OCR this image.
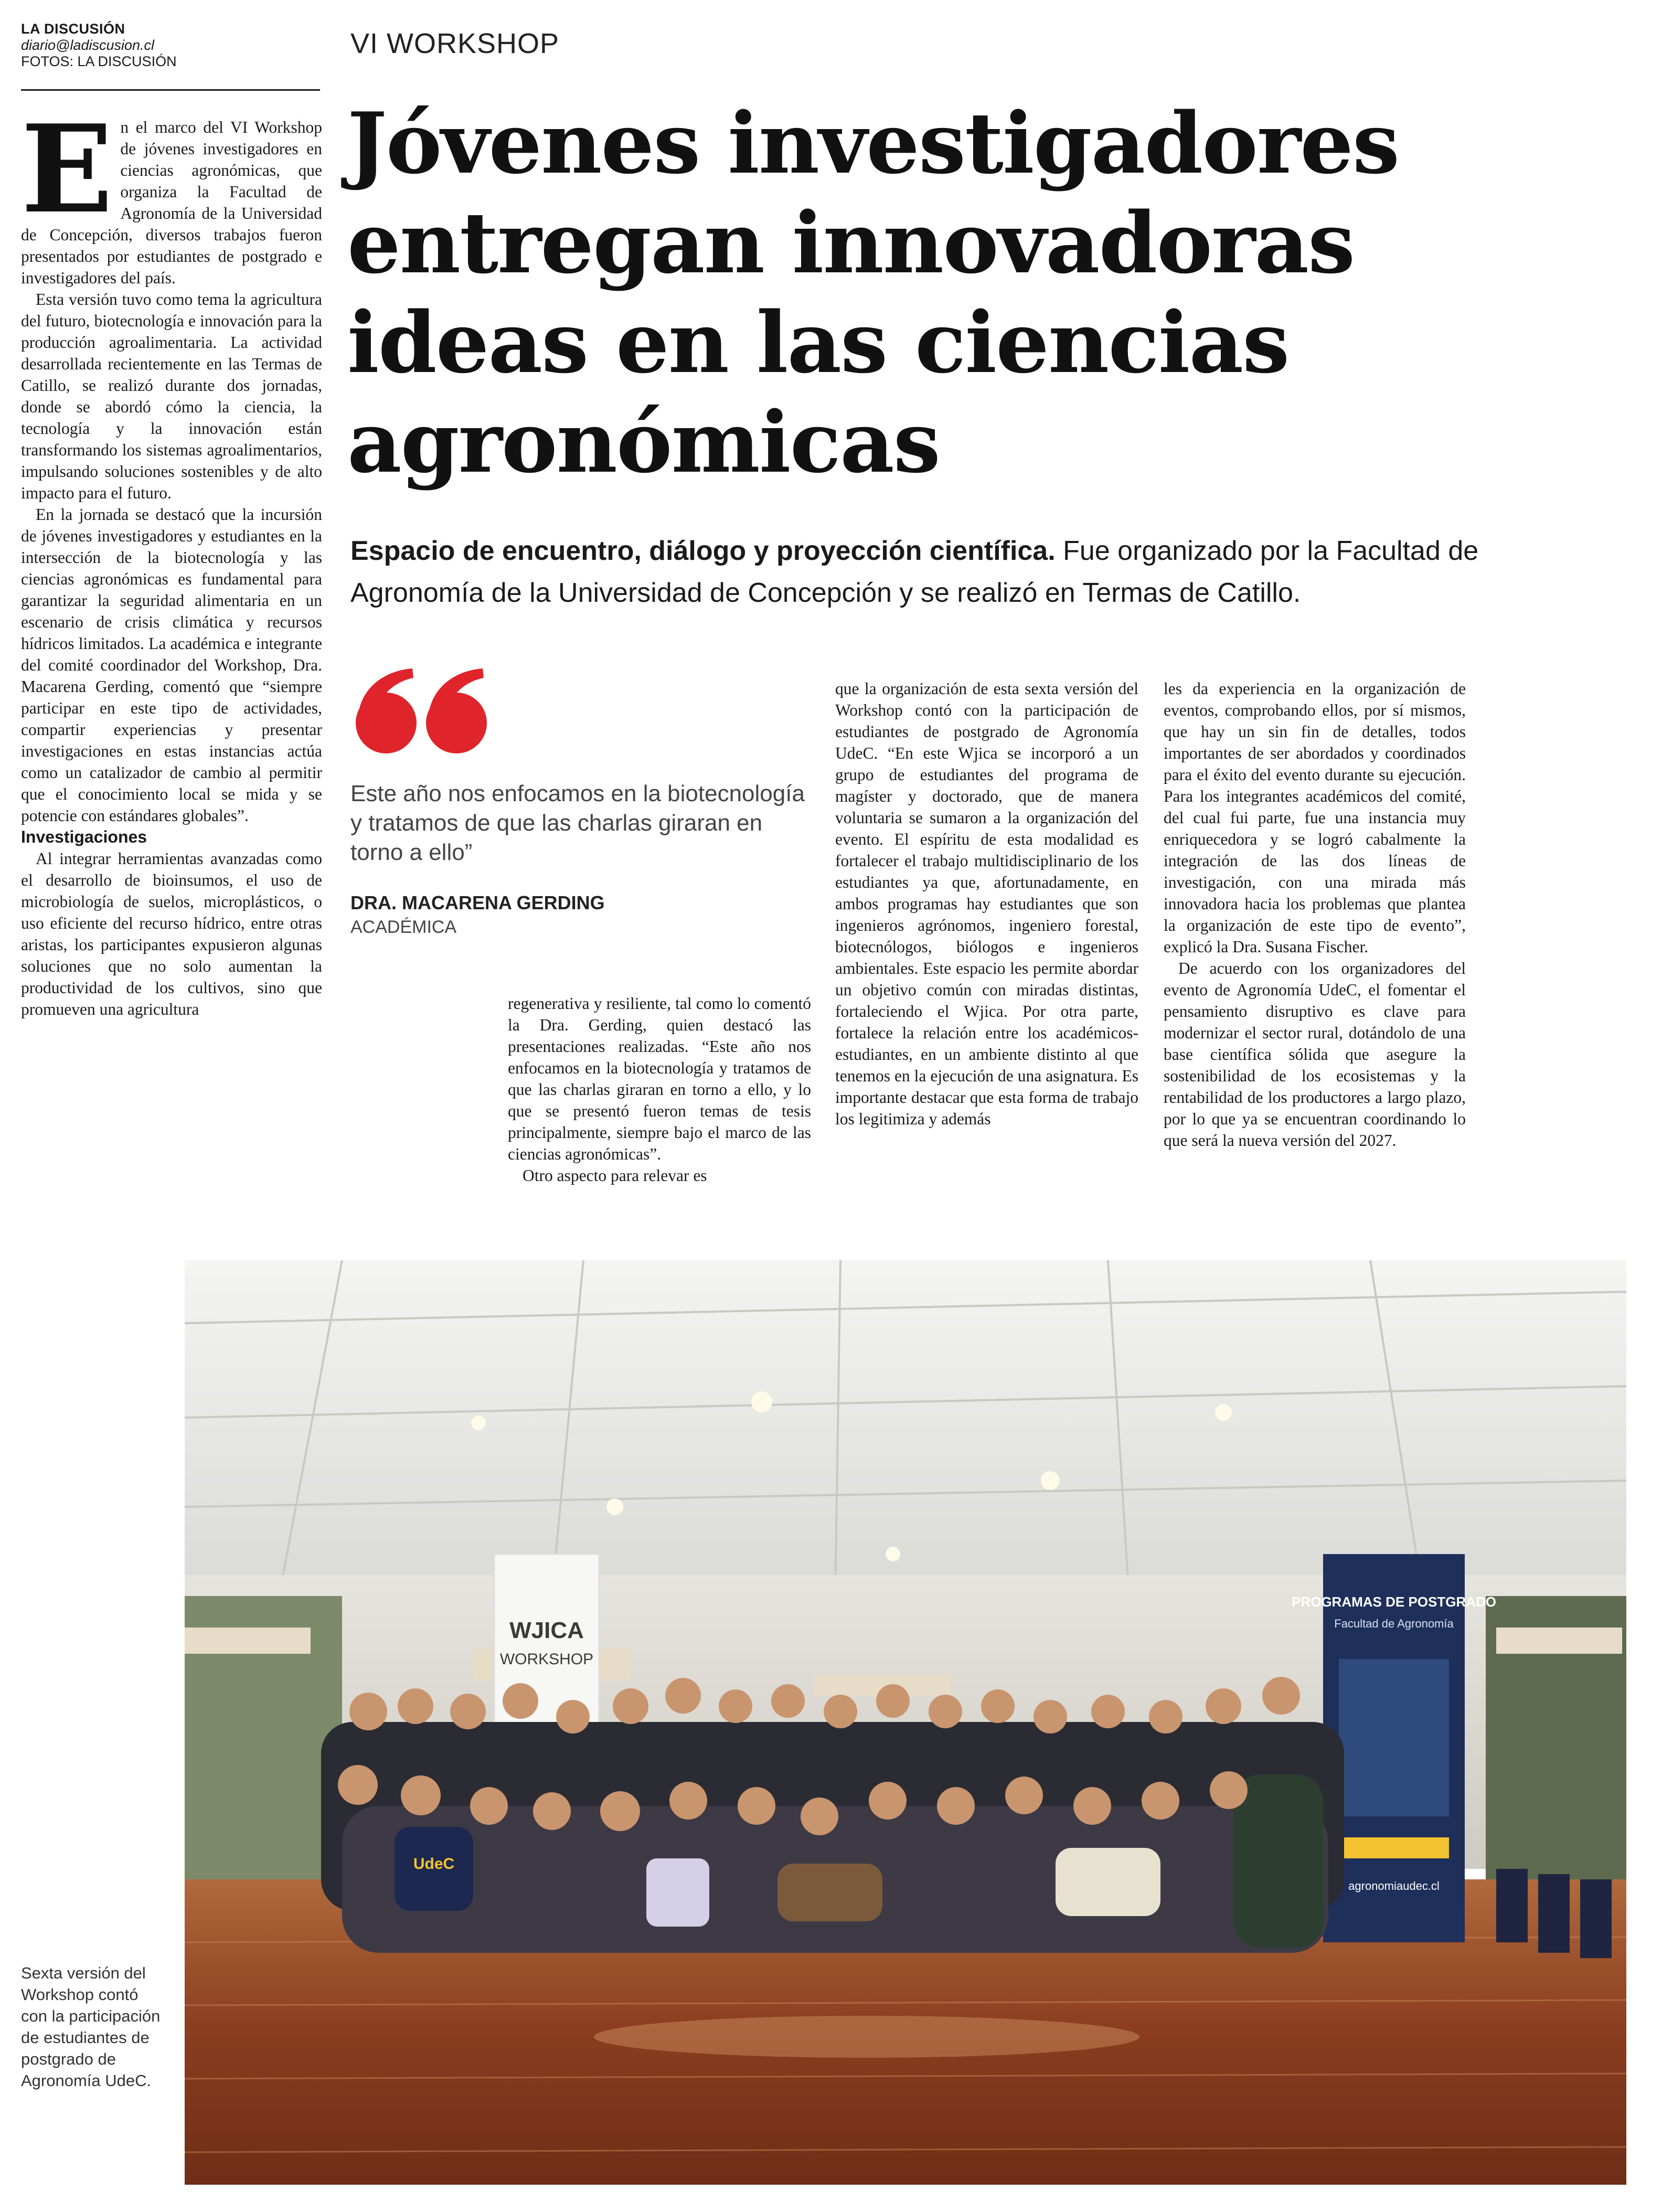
LA DISCUSIÓN
diario@ladiscusion.cl
FOTOS: LA DISCUSIÓN
VI WORKSHOP
Jóvenes investigadores entregan innovadoras ideas en las ciencias agronómicas
Espacio de encuentro, diálogo y proyección científica. Fue organizado por la Facultad de Agronomía de la Universidad de Concepción y se realizó en Termas de Catillo.

E n el marco del VI Workshop de jóvenes investigadores en ciencias agronómicas, que organiza la Facultad de Agronomía de la Universidad de Concepción, diversos trabajos fueron presentados por estudiantes de postgrado e investigadores del país.

Esta versión tuvo como tema la agricultura del futuro, biotecnología e innovación para la producción agroalimentaria. La actividad desarrollada recientemente en las Termas de Catillo, se realizó durante dos jornadas, donde se abordó cómo la ciencia, la tecnología y la innovación están transformando los sistemas agroalimentarios, impulsando soluciones sostenibles y de alto impacto para el futuro.

En la jornada se destacó que la incursión de jóvenes investigadores y estudiantes en la intersección de la biotecnología y las ciencias agronómicas es fundamental para garantizar la seguridad alimentaria en un escenario de crisis climática y recursos hídricos limitados. La académica e integrante del comité coordinador del Workshop, Dra. Macarena Gerding, comentó que “siempre participar en este tipo de actividades, compartir experiencias y presentar investigaciones en estas instancias actúa como un catalizador de cambio al permitir que el conocimiento local se mida y se potencie con estándares globales”.

Investigaciones

Al integrar herramientas avanzadas como el desarrollo de bioinsumos, el uso de microbiología de suelos, microplásticos, o uso eficiente del recurso hídrico, entre otras aristas, los participantes expusieron algunas soluciones que no solo aumentan la productividad de los cultivos, sino que promueven una agricultura

Este año nos enfocamos en la biotecnología y tratamos de que las charlas giraran en torno a ello”
DRA. MACARENA GERDING
ACADÉMICA

regenerativa y resiliente, tal como lo comentó la Dra. Gerding, quien destacó las presentaciones realizadas. “Este año nos enfocamos en la biotecnología y tratamos de que las charlas giraran en torno a ello, y lo que se presentó fueron temas de tesis principalmente, siempre bajo el marco de las ciencias agronómicas”.

Otro aspecto para relevar es

que la organización de esta sexta versión del Workshop contó con la participación de estudiantes de postgrado de Agronomía UdeC. “En este Wjica se incorporó a un grupo de estudiantes del programa de magíster y doctorado, que de manera voluntaria se sumaron a la organización del evento. El espíritu de esta modalidad es fortalecer el trabajo multidisciplinario de los estudiantes ya que, afortunadamente, en ambos programas hay estudiantes que son ingenieros agrónomos, ingeniero forestal, biotecnólogos, biólogos e ingenieros ambientales. Este espacio les permite abordar un objetivo común con miradas distintas, fortaleciendo el Wjica. Por otra parte, fortalece la relación entre los académicos-estudiantes, en un ambiente distinto al que tenemos en la ejecución de una asignatura. Es importante destacar que esta forma de trabajo los legitimiza y además

les da experiencia en la organización de eventos, comprobando ellos, por sí mismos, que hay un sin fin de detalles, todos importantes de ser abordados y coordinados para el éxito del evento durante su ejecución. Para los integrantes académicos del comité, del cual fui parte, fue una instancia muy enriquecedora y se logró cabalmente la integración de las dos líneas de investigación, con una mirada más innovadora hacia los problemas que plantea la organización de este tipo de evento”, explicó la Dra. Susana Fischer.

De acuerdo con los organizadores del evento de Agronomía UdeC, el fomentar el pensamiento disruptivo es clave para modernizar el sector rural, dotándolo de una base científica sólida que asegure la sostenibilidad de los ecosistemas y la rentabilidad de los productores a largo plazo, por lo que ya se encuentran coordinando lo que será la nueva versión del 2027.

WJICA
WORKSHOP
PROGRAMAS DE POSTGRADO
Facultad de Agronomía
agronomiaudec.cl
UdeC
Sexta versión del Workshop contó con la participación de estudiantes de postgrado de Agronomía UdeC.
